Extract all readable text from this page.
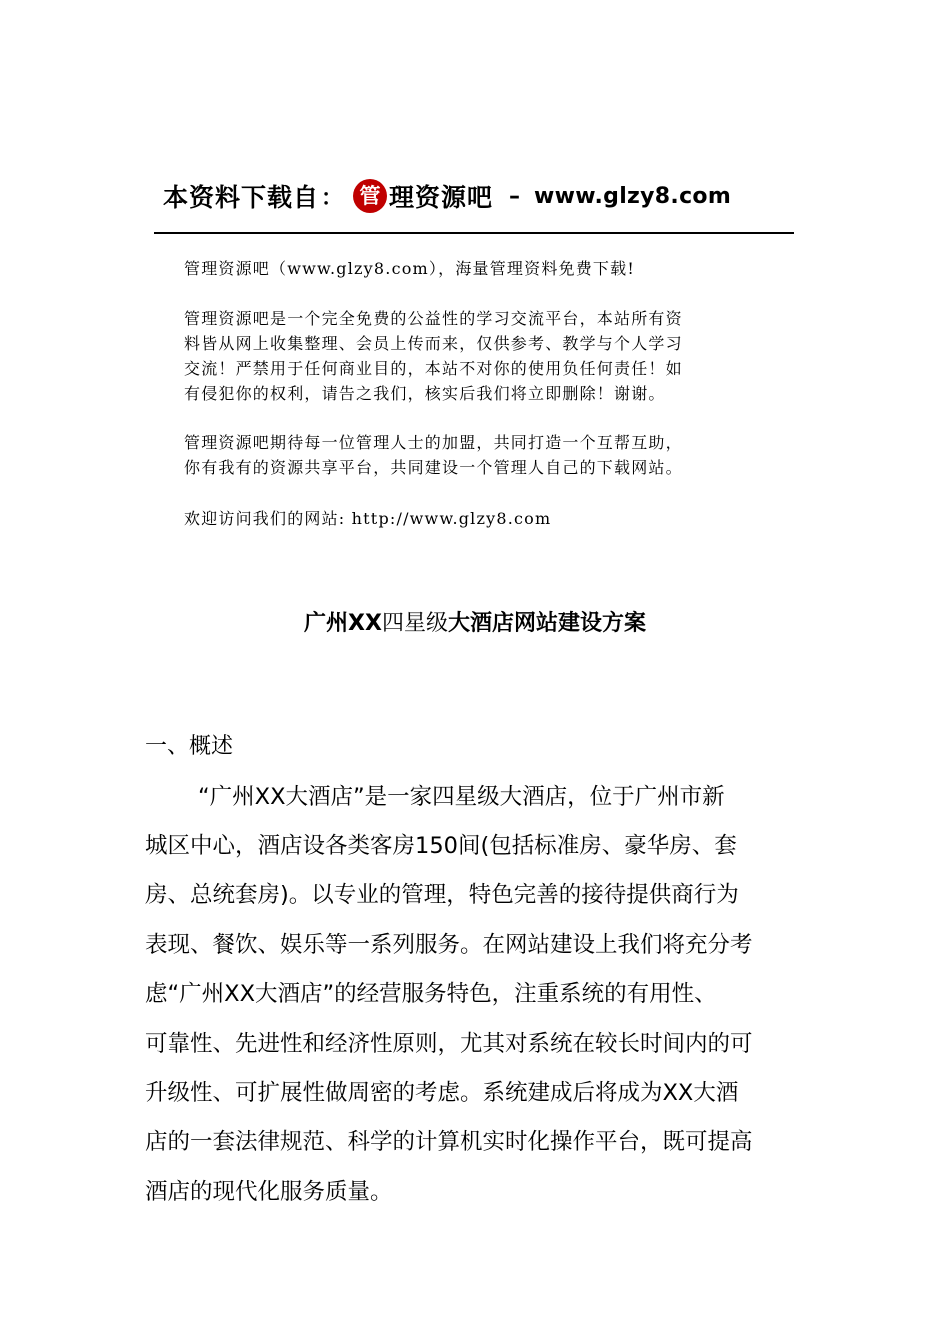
本资料下载自 ： 管 理资源吧 – www.glzy8.com

管理资源吧（www.glzy8.com），海量管理资料免费下载!

管理资源吧是一个完全免费的公益性的学习交流平台，本站所有资

料皆从网上收集整理、会员上传而来，仅供参考、教学与个人学习

交流！严禁用于任何商业目的，本站不对你的使用负任何责任！如

有侵犯你的权利，请告之我们，核实后我们将立即删除！谢谢。

管理资源吧期待每一位管理人士的加盟，共同打造一个互帮互助，

你有我有的资源共享平台，共同建设一个管理人自己的下载网站。

欢迎访问我们的网站: http://www.glzy8.com

广州XX四星级大酒店网站建设方案
一、概述
“广州XX大酒店”是一家四星级大酒店，位于广州市新
城区中心，酒店设各类客房150间(包括标准房、豪华房、套
房、总统套房)。以专业的管理，特色完善的接待提供商行为
表现、餐饮、娱乐等一系列服务。在网站建设上我们将充分考
虑“广州XX大酒店”的经营服务特色，注重系统的有用性、
可靠性、先进性和经济性原则，尤其对系统在较长时间内的可
升级性、可扩展性做周密的考虑。系统建成后将成为XX大酒
店的一套法律规范、科学的计算机实时化操作平台，既可提高
酒店的现代化服务质量。
